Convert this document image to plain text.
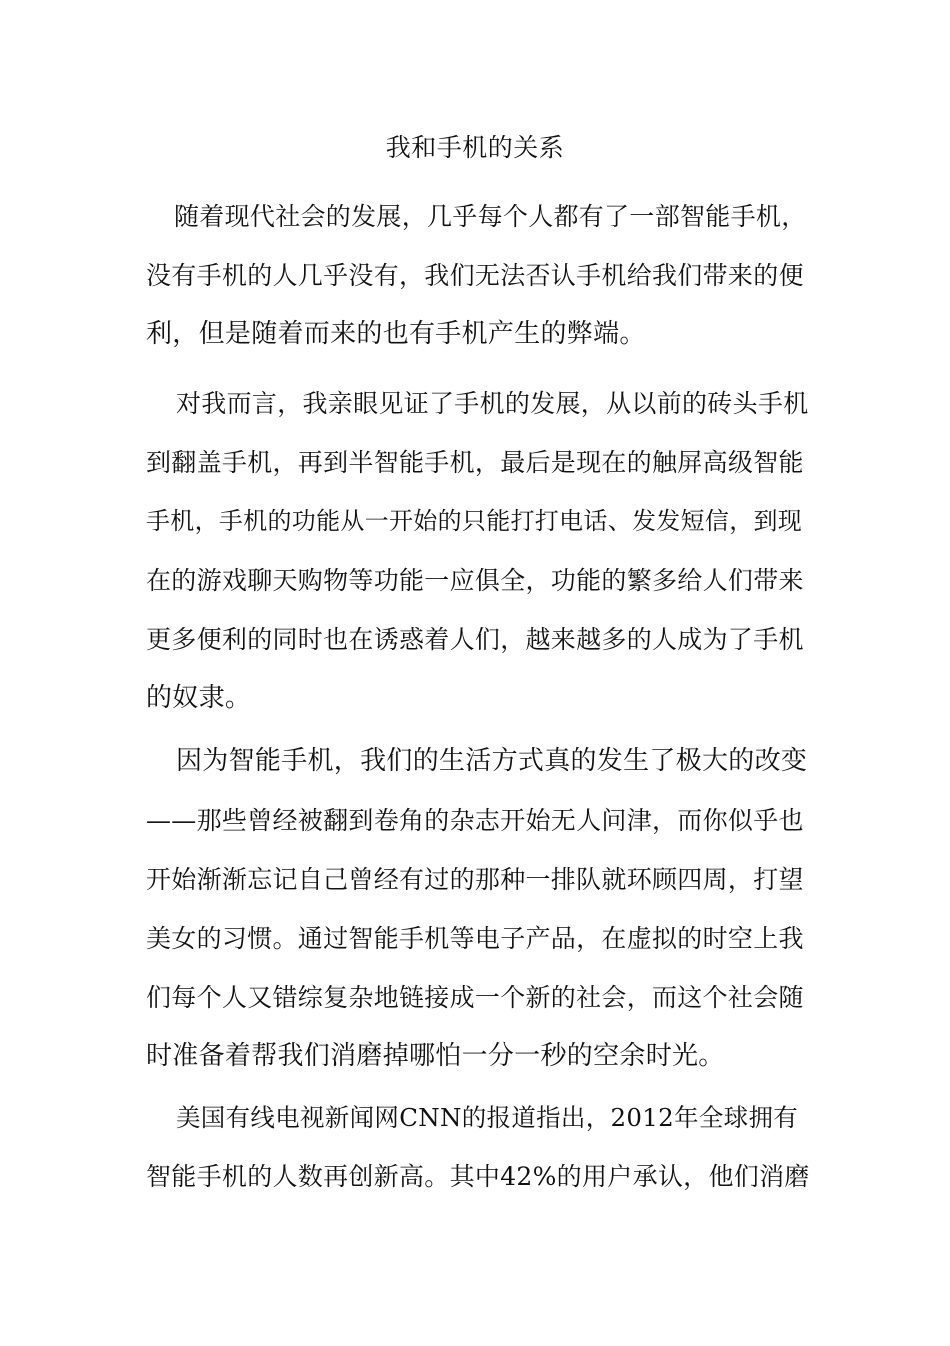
我和手机的关系
随着现代社会的发展，几乎每个人都有了一部智能手机，
没有手机的人几乎没有，我们无法否认手机给我们带来的便
利，但是随着而来的也有手机产生的弊端。
对我而言，我亲眼见证了手机的发展，从以前的砖头手机
到翻盖手机，再到半智能手机，最后是现在的触屏高级智能
手机，手机的功能从一开始的只能打打电话、发发短信，到现
在的游戏聊天购物等功能一应俱全，功能的繁多给人们带来
更多便利的同时也在诱惑着人们，越来越多的人成为了手机
的奴隶。
因为智能手机，我们的生活方式真的发生了极大的改变
——那些曾经被翻到卷角的杂志开始无人问津，而你似乎也
开始渐渐忘记自己曾经有过的那种一排队就环顾四周，打望
美女的习惯。通过智能手机等电子产品，在虚拟的时空上我
们每个人又错综复杂地链接成一个新的社会，而这个社会随
时准备着帮我们消磨掉哪怕一分一秒的空余时光。
美国有线电视新闻网CNN的报道指出，2012年全球拥有
智能手机的人数再创新高。其中42%的用户承认，他们消磨
